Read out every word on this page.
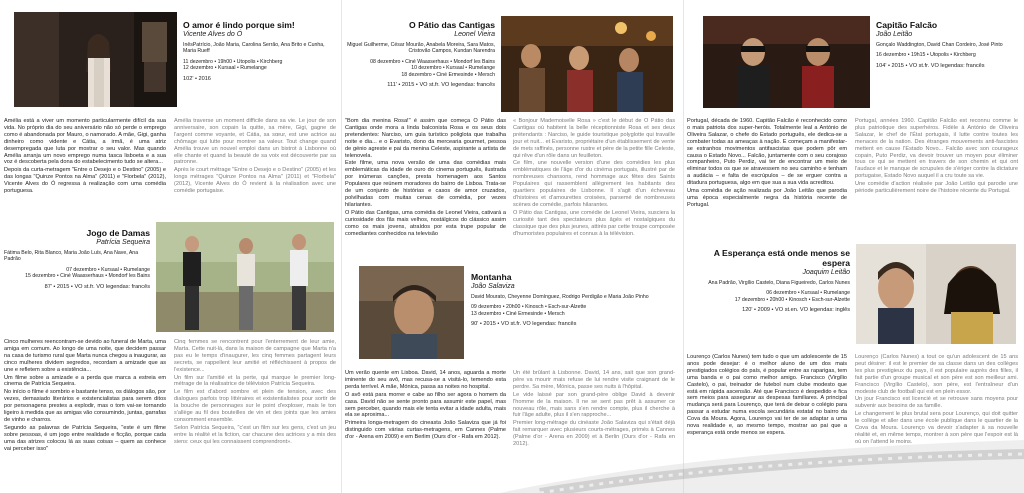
O amor é lindo porque sim!
Vicente Alves do Ó
InêsPatrício, João Maria, Carolina Serrão, Ana Brito e Cunha, Maria Rueff
11 dezembro • 19h00 • Utopolis • Kirchberg
12 dezembro • Kursaal • Rumelange
102' • 2016

Amélia está a viver um momento particularmente difícil da sua vida. No próprio dia do seu aniversário não só perde o emprego como é abandonada por Mauro, o namorado. A mãe, Gigi, ganha dinheiro como vidente e Cátia, a irmã, é uma atriz desempregada que luta por mostrar o seu valor. Mas quando Amélia arranja um novo emprego numa tasca lisboeta e a sua voz é descoberta pela dona do estabelecimento tudo se altera...

Depois da curta-metragem "Entre o Desejo e o Destino" (2005) e das longas "Quinze Pontos na Alma" (2011) e "Florbela" (2012), Vicente Alves do Ó regressa à realização com uma comédia portuguesa.

Amélia traverse un moment difficile dans sa vie. Le jour de son anniversaire, son copain la quitte, sa mère, Gigi, gagne de l'argent comme voyante, et Cátia, sa sœur, est une actrice au chômage qui lutte pour montrer sa valeur. Tout change quand Amélia trouve un nouvel emploi dans un bistrot à Lisbonne où elle chante et quand la beauté de sa voix est découverte par sa patronne.

Après le court métrage "Entre o Desejo e o Destino" (2005) et les longs métrages "Quinze Pontos na Alma" (2011) et "Florbela" (2012), Vicente Alves do Ó revient à la réalisation avec une comédie portugaise.

Jogo de Damas
Patrícia Sequeira
Fátima Belo, Rita Blanco, Maria João Luís, Ana Nave, Ana Padrão
07 dezembro • Kursaal • Rumelange
15 dezembro • Ciné Waasserhaus • Mondorf les Bains
87' • 2015 • VO st.fr. VO legendas: francês

Cinco mulheres reencontram-se devido ao funeral de Marta, uma amiga em comum. Ao longo de uma noite, que decidem passar na casa de turismo rural que Marta nunca chegou a inaugurar, as cinco mulheres dividem segredos, recordam a amizade que as une e refletem sobre a existência...

Um filme sobre a amizade e a perda que marca a estreia em cinema de Patrícia Sequeira.

No início o filme é sombrio e bastante tenso, os diálogos são, por vezes, demasiado literários e existencialistas para serem ditos por personagens prestes a explodir, mas o tom vai-se tornando ligeiro à medida que as amigas vão consumindo, juntas, garrafas de vinho e charros.

Segundo as palavras de Patrícia Sequeira, "este é um filme sobre pessoas, é um jogo entre realidade e ficção, porque cada uma das atrizes colocou lá as suas coisas – quem as conhece vai perceber isso"

Cinq femmes se rencontrent pour l'enterrement de leur amie, Marta. Cette nuit-là, dans la maison de campagne que Marta n'a pas eu le temps d'inaugurer, les cinq femmes partagent leurs secrets, se rappellent leur amitié et réfléchissent à propos de l'existence...

Un film sur l'amitié et la perte, qui marque le premier long-métrage de la réalisatrice de télévision Patrícia Sequeira.

Le film est d'abord sombre et plein de tension, avec des dialogues parfois trop littéraires et existentialistes pour sortir de la bouche de personnages sur le point d'exploser, mais le ton s'allège au fil des bouteilles de vin et des joints que les amies consomment ensemble.

Selon Patrícia Sequeira, "c'est un film sur les gens, c'est un jeu entre la réalité et la fiction, car chacune des actrices y a mis des siens: ceux qui les connaissent comprendront».

O Pátio das Cantigas
Leonel Vieira
Miguel Guilherme, César Mourão, Anabela Moreira, Sara Matos, Cristovão Campos, Kundan Narendra
08 dezembro • Ciné Waasserhaus • Mondorf les Bains
10 dezembro • Kursaal • Rumelange
18 dezembro • Ciné Ermesinde • Mersch
111' • 2015 • VO st.fr. VO legendas: francês

"Bom dia menina Rosa!" é assim que começa O Pátio das Cantigas onde mora a linda balconista Rosa e os seus dois pretendentes: Narciso, um guia turístico poliglota que trabalha noite e dia... e o Evaristo, dono da mercearia gourmet, pessoa de génio agreste e pai da menina Celeste, aspirante a artista de telenovela.

Este filme, uma nova versão de uma das comédias mais emblemáticas da idade de ouro do cinema português, ilustrada por inúmeras canções, presta homenagem aos Santos Populares que reúnem moradores do bairro de Lisboa. Trata-se de um conjunto de histórias e casos de amor cruzados, polvilhadas com muitas cenas de comédia, por vezes hilariantes.

O Pátio das Cantigas, uma comédia de Leonel Vieira, cativará a curiosidade dos fãs mais velhos, nostálgicos do clássico assim como os mais jovens, atraídos por esta trupe popular de comediantes conhecidos na televisão

« Bonjour Mademoiselle Rosa » c'est le début de O Pátio das Cantigas où habitent la belle réceptionniste Rosa et ses deux prétendants : Narciso, le guide touristique polyglotte qui travaille jour et nuit... et Evaristo, propriétaire d'un établissement de vente de mets raffinés, personne rustre et père de la petite fille Celeste, qui rêve d'un rôle dans un feuilleton.

Ce film, une nouvelle version d'une des comédies les plus emblématiques de l'âge d'or du cinéma portugais, illustré par de nombreuses chansons, rend hommage aux fêtes des Saints Populaires qui rassemblent allègrement les habitants des quartiers populaires de Lisbonne. Il s'agit d'un écheveau d'histoires et d'amourettes croisées, parsemé de nombreuses scènes de comédie, parfois hilarantes.

O Pátio das Cantigas, une comédie de Leonel Vieira, susciera la curiosité tant des spectateurs plus âgés et nostalgiques du classique que des plus jeunes, attirés par cette troupe composée d'humoristes populaires et connus à la télévision.

Montanha
João Salaviza
David Mourato, Cheyenne Domínguez, Rodrigo Perdigão e Maria João Pinho
09 dezembro • 20h00 • Kinosch • Esch-sur-Alzette
13 dezembro • Ciné Ermesinde • Mersch
90' • 2015 • VO st.fr. VO legendas: francês

Um verão quente em Lisboa. David, 14 anos, aguarda a morte iminente do seu avô, mas recusa-se a visitá-lo, temendo esta perda terrível. A mãe, Mónica, passa as noites no hospital.

O avô está para morrer e cabe ao filho ser agora o homem da casa. David não se sente pronto para assumir este papel, mas sem perceber, quando mais ele tenta evitar a idade adulta, mais ela se aproxima...

Primeira longa-metragem do cineasta João Salaviza que já foi distinguido com várias curtas-metragens, em Cannes (Palme d'or - Arena em 2009) e em Berlim (Ours d'or - Rafa em 2012).

Un été brûlant à Lisbonne. David, 14 ans, sait que son grand-père va mourir mais refuse de lui rendre visite craignant de le perdre. Sa mère, Mónica, passe ses nuits à l'hôpital.

Le vide laissé par son grand-père oblige David à devenir l'homme de la maison. Il ne se sent pas prêt à assumer ce nouveau rôle, mais sans s'en rendre compte, plus il cherche à fuir l'âge adulte, plus il s'en rapproche...

Premier long-métrage du cinéaste João Salaviza qui s'était déjà fait remarquer avec plusieurs courts-métrages, primés à Cannes (Palme d'or - Arena en 2009) et à Berlin (Ours d'or - Rafa en 2012).

Capitão Falcão
João Leitão
Gonçalo Waddington, David Chan Cordeiro, José Pinto
16 dezembro • 19h15 • Utopolis • Kirchberg
104' • 2015 • VO st.fr. VO legendas: francês

Portugal, década de 1960. Capitão Falcão é reconhecido como o mais patriota dos super-heróis. Totalmente leal a António de Oliveira Salazar, o chefe do Estado português, ele dedica-se a combater todas as ameaças à nação. E começam a manifestar-se estranhos movimentos antifascistas que podem pôr em causa o Estado Novo... Falcão, juntamente com o seu corajoso companheiro, Puto Perdiz, vai ter de encontrar um meio de eliminar todos os que se atravessem no seu caminho e tenham a audácia – e falta de escrúpulos – de se erguer contra a ditadura portuguesa, algo em que sua a sua vida acreditou.

Uma comédia de ação realizada por João Leitão que parodia uma época especialmente negra da história recente de Portugal.

Portugal, années 1960. Capitão Falcão est reconnu comme le plus patriotique des superhéros. Fidèle à António de Oliveira Salazar, le chef de l'État portugais, il lutte contre toutes les menaces de la nation. Des étranges mouvements anti-fascistes mettent en cause l'Estado Novo... Falcão avec son courageux copain, Puto Perdiz, va devoir trouver un moyen pour éliminer tous ce qui se mettent en travers de son chemin et qui ont l'audace et le manque de scrupules de s'ériger contre la dictature portugaise, Estado Novo auquel il a cru toute sa vie.

Une comédie d'action réalisée par João Leitão qui parodie une période particulièrement noire de l'histoire récente du Portugal.

A Esperança está onde menos se espera
Joaquim Leitão
Ana Padrão, Virgílio Castelo, Diana Figueiredo, Carlos Nunes
06 dezembro • Kursaal • Rumelange
17 dezembro • 20h00 • Kinosch • Esch-sur-Alzette
120' • 2009 • VO st.en. VO legendas: inglês

Lourenço (Carlos Nunes) tem tudo o que um adolescente de 15 anos pode desejar: é o melhor aluno de um dos mais prestigiados colégios do país, é popular entre as raparigas, tem uma banda e o pai como melhor amigo. Francisco (Virgílio Castelo), o pai, treinador de futebol num clube modesto que está em rápida ascensão. Até que Francisco é despedido e fica sem meios para assegurar as despesas familiares. A principal mudança será para Lourenço, que terá de deixar o colégio para passar a estudar numa escola secundária estatal no bairro da Cova da Moura. Agora, Lourenço vai ter de se adaptar a uma nova realidade e, ao mesmo tempo, mostrar ao pai que a esperança está onde menos se espera.

Lourenço (Carlos Nunes) a tout ce qu'un adolescent de 15 ans peut désirer: il est le premier de sa classe dans un des collèges les plus prestigieux du pays, il est populaire auprès des filles, il fait partie d'un groupe musical et son père est son meilleur ami. Francisco (Virgílio Castelo), son père, est l'entraîneur d'un modeste club de football qui est en plein essor.

Un jour Francisco est licencié et se retrouve sans moyens pour subvenir aux besoins de sa famille.

Le changement le plus brutal sera pour Lourenço, qui doit quitter le collège et aller dans une école publique dans le quartier de la Cova da Moura. Lourenço va devoir s'adapter à sa nouvelle réalité et, en même temps, montrer à son père que l'espoir est là où on l'attend le moins.
